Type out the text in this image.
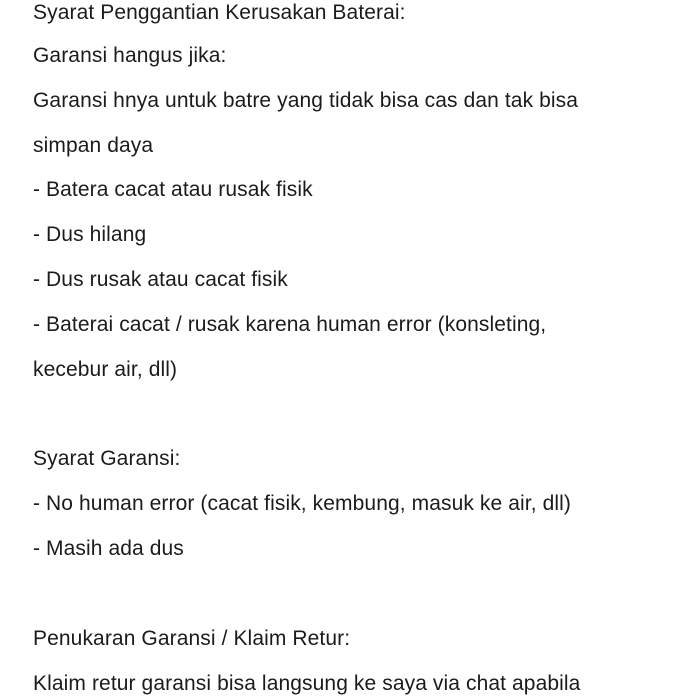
Syarat Penggantian Kerusakan Baterai:

Garansi hangus jika:

Garansi hnya untuk batre yang tidak bisa cas dan tak bisa

simpan daya

- Batera cacat atau rusak fisik

- Dus hilang

- Dus rusak atau cacat fisik

- Baterai cacat / rusak karena human error (konsleting,

kecebur air, dll)

Syarat Garansi:

- No human error (cacat fisik, kembung, masuk ke air, dll)

- Masih ada dus

Penukaran Garansi / Klaim Retur:

Klaim retur garansi bisa langsung ke saya via chat apabila
